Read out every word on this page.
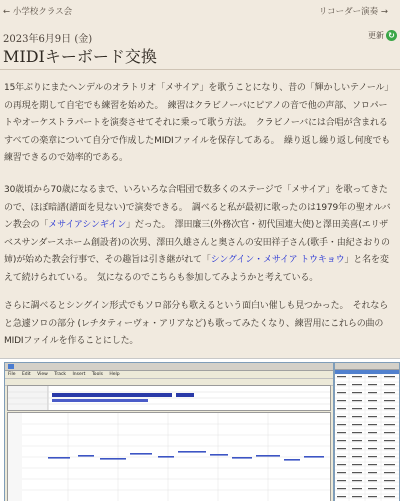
← 小学校クラス会	リコーダー演奏 →
2023年6月9日 (金)	更新 ↻
MIDIキーボード交換
15年ぶりにまたヘンデルのオラトリオ「メサイア」を歌うことになり、昔の「輝かしいテノール」の再現を期して自宅でも練習を始めた。　練習はクラビノーバにピアノの音で他の声部、ソロパートやオーケストラパートを演奏させてそれに乗って歌う方法。　クラビノーバには合唱が含まれるすべての楽章について自分で作成したMIDIファイルを保存してある。　繰り返し繰り返し何度でも練習できるので効率的である。
30歳頃から70歳になるまで、いろいろな合唱団で数多くのステージで「メサイア」を歌ってきたので、ほぼ暗譜(譜面を見ない)で演奏できる。　調べると私が最初に歌ったのは1979年の聖オルバン教会の「メサイアシンギイン」だった。　澤田廉三(外務次官・初代国連大使)と澤田美喜(エリザベスサンダースホーム創設者)の次男、澤田久雄さんと奥さんの安田祥子さん(歌手・由紀さおりの姉)が始めた教会行事で、その趣旨は引き継がれて「シングイン・メサイア トウキョウ」と名を変えて続けられている。　気になるのでこちらも参加してみようかと考えている。
さらに調べるとシングイン形式でもソロ部分も歌えるという面白い催しも見つかった。　それならと急遽ソロの部分 (レチタティーヴォ・アリアなど)も歌ってみたくなり、練習用にこれらの曲のMIDIファイルを作ることにした。
File Edit View Track Insert Tools Help
